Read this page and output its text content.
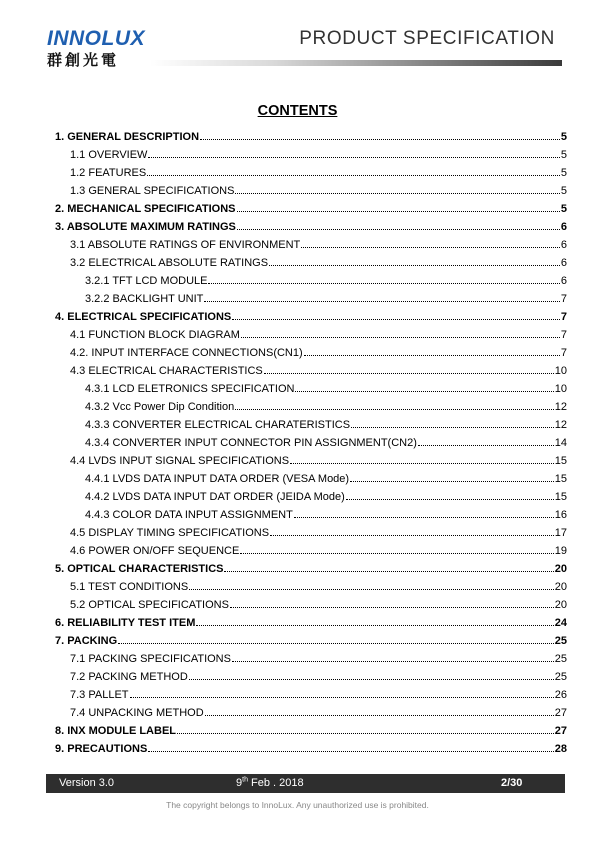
INNOLUX
群創光電
PRODUCT SPECIFICATION
CONTENTS
1. GENERAL DESCRIPTION	5
1.1 OVERVIEW	5
1.2 FEATURES	5
1.3 GENERAL SPECIFICATIONS	5
2. MECHANICAL SPECIFICATIONS	5
3. ABSOLUTE MAXIMUM RATINGS	6
3.1 ABSOLUTE RATINGS OF ENVIRONMENT	6
3.2 ELECTRICAL ABSOLUTE RATINGS	6
3.2.1 TFT LCD MODULE	6
3.2.2 BACKLIGHT UNIT	7
4. ELECTRICAL SPECIFICATIONS	7
4.1 FUNCTION BLOCK DIAGRAM	7
4.2. INPUT INTERFACE CONNECTIONS(CN1)	7
4.3 ELECTRICAL CHARACTERISTICS	10
4.3.1 LCD ELETRONICS SPECIFICATION	10
4.3.2 Vcc Power Dip Condition	12
4.3.3 CONVERTER ELECTRICAL CHARATERISTICS	12
4.3.4 CONVERTER INPUT CONNECTOR PIN ASSIGNMENT(CN2)	14
4.4 LVDS INPUT SIGNAL SPECIFICATIONS	15
4.4.1 LVDS DATA INPUT DATA ORDER (VESA Mode)	15
4.4.2 LVDS DATA INPUT DAT ORDER (JEIDA Mode)	15
4.4.3 COLOR DATA INPUT ASSIGNMENT	16
4.5 DISPLAY TIMING SPECIFICATIONS	17
4.6 POWER ON/OFF SEQUENCE	19
5. OPTICAL CHARACTERISTICS	20
5.1 TEST CONDITIONS	20
5.2 OPTICAL SPECIFICATIONS	20
6. RELIABILITY TEST ITEM	24
7. PACKING	25
7.1 PACKING SPECIFICATIONS	25
7.2 PACKING METHOD	25
7.3 PALLET	26
7.4 UNPACKING METHOD	27
8. INX MODULE LABEL	27
9. PRECAUTIONS	28
Version 3.0	9th Feb . 2018	2/30
The copyright belongs to InnoLux. Any unauthorized use is prohibited.
